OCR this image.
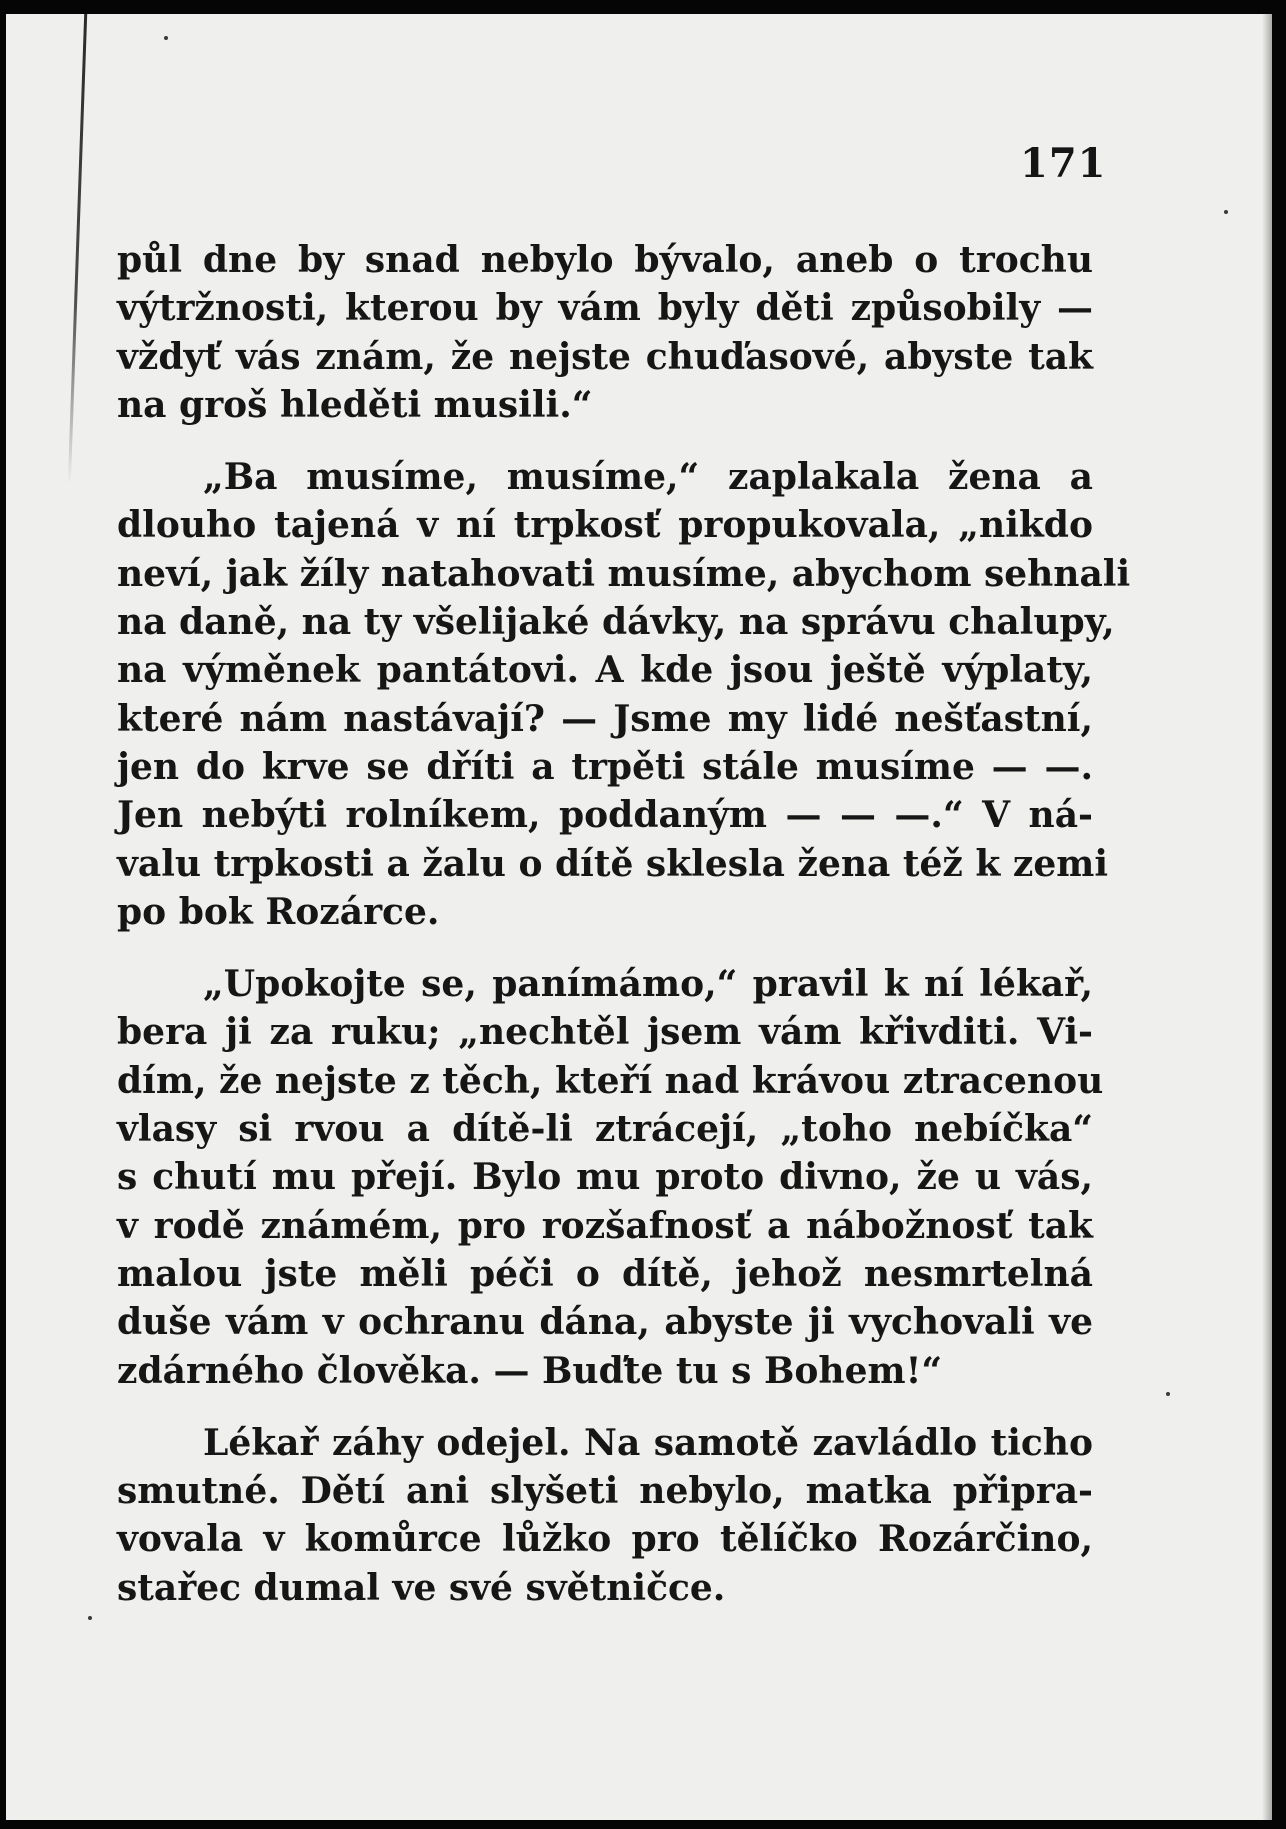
171

půl dne by snad nebylo bývalo, aneb o trochu
výtržnosti, kterou by vám byly děti způsobily —
vždyť vás znám, že nejste chuďasové, abyste tak
na groš hleděti musili.“

„Ba musíme, musíme,“ zaplakala žena a
dlouho tajená v ní trpkosť propukovala, „nikdo
neví, jak žíly natahovati musíme, abychom sehnali
na daně, na ty všelijaké dávky, na správu chalupy,
na výměnek pantátovi. A kde jsou ještě výplaty,
které nám nastávají? — Jsme my lidé nešťastní,
jen do krve se dříti a trpěti stále musíme — —.
Jen nebýti rolníkem, poddaným — — —.“ V ná-
valu trpkosti a žalu o dítě sklesla žena též k zemi
po bok Rozárce.

„Upokojte se, panímámo,“ pravil k ní lékař,
bera ji za ruku; „nechtěl jsem vám křivditi. Vi-
dím, že nejste z těch, kteří nad krávou ztracenou
vlasy si rvou a dítě-li ztrácejí, „toho nebíčka“
s chutí mu přejí. Bylo mu proto divno, že u vás,
v rodě známém, pro rozšafnosť a nábožnosť tak
malou jste měli péči o dítě, jehož nesmrtelná
duše vám v ochranu dána, abyste ji vychovali ve
zdárného člověka. — Buďte tu s Bohem!“

Lékař záhy odejel. Na samotě zavládlo ticho
smutné. Dětí ani slyšeti nebylo, matka připra-
vovala v komůrce lůžko pro tělíčko Rozárčino,
stařec dumal ve své světničce.
